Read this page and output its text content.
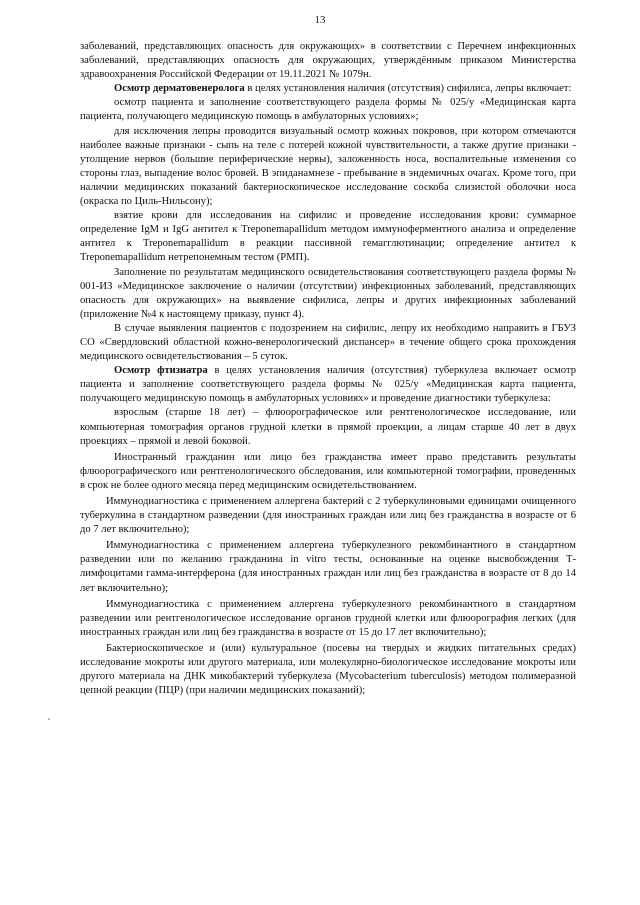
13

заболеваний, представляющих опасность для окружающих» в соответствии с Перечнем инфекционных заболеваний, представляющих опасность для окружающих, утверждённым приказом Министерства здравоохранения Российской Федерации от 19.11.2021 № 1079н.

Осмотр дерматовенеролога в целях установления наличия (отсутствия) сифилиса, лепры включает:

осмотр пациента и заполнение соответствующего раздела формы № 025/у «Медицинская карта пациента, получающего медицинскую помощь в амбулаторных условиях»;

для исключения лепры проводится визуальный осмотр кожных покровов, при котором отмечаются наиболее важные признаки - сыпь на теле с потерей кожной чувствительности, а также другие признаки - утолщение нервов (большие периферические нервы), заложенность носа, воспалительные изменения со стороны глаз, выпадение волос бровей. В эпиданамнезе - пребывание в эндемичных очагах. Кроме того, при наличии медицинских показаний бактериоскопическое исследование соскоба слизистой оболочки носа (окраска по Циль-Нильсону);

взятие крови для исследования на сифилис и проведение исследования крови: суммарное определение IgM и IgG антител к Treponemapallidum методом иммуноферментного анализа и определение антител к Treponemapallidum в реакции пассивной гемагглютинации; определение антител к Treponemapallidum нетрепонемным тестом (РМП).

Заполнение по результатам медицинского освидетельствования соответствующего раздела формы № 001-ИЗ «Медицинское заключение о наличии (отсутствии) инфекционных заболеваний, представляющих опасность для окружающих» на выявление сифилиса, лепры и других инфекционных заболеваний (приложение №4 к настоящему приказу, пункт 4).

В случае выявления пациентов с подозрением на сифилис, лепру их необходимо направить в ГБУЗ СО «Свердловский областной кожно-венерологический диспансер» в течение общего срока прохождения медицинского освидетельствования – 5 суток.

Осмотр фтизиатра в целях установления наличия (отсутствия) туберкулеза включает осмотр пациента и заполнение соответствующего раздела формы № 025/у «Медицинская карта пациента, получающего медицинскую помощь в амбулаторных условиях» и проведение диагностики туберкулеза:

взрослым (старше 18 лет) – флюорографическое или рентгенологическое исследование, или компьютерная томография органов грудной клетки в прямой проекции, а лицам старше 40 лет в двух проекциях – прямой и левой боковой.

Иностранный гражданин или лицо без гражданства имеет право представить результаты флюорографического или рентгенологического обследования, или компьютерной томографии, проведенных в срок не более одного месяца перед медицинским освидетельствованием.

Иммунодиагностика с применением аллергена бактерий с 2 туберкулиновыми единицами очищенного туберкулина в стандартном разведении (для иностранных граждан или лиц без гражданства в возрасте от 6 до 7 лет включительно);

Иммунодиагностика с применением аллергена туберкулезного рекомбинантного в стандартном разведении или по желанию гражданина in vitro тесты, основанные на оценке высвобождения Т-лимфоцитами гамма-интерферона (для иностранных граждан или лиц без гражданства в возрасте от 8 до 14 лет включительно);

Иммунодиагностика с применением аллергена туберкулезного рекомбинантного в стандартном разведении или рентгенологическое исследование органов грудной клетки или флюорография легких (для иностранных граждан или лиц без гражданства в возрасте от 15 до 17 лет включительно);

Бактериоскопическое и (или) культуральное (посевы на твердых и жидких питательных средах) исследование мокроты или другого материала, или молекулярно-биологическое исследование мокроты или другого материала на ДНК микобактерий туберкулеза (Mycobacterium tuberculosis) методом полимеразной цепной реакции (ПЦР) (при наличии медицинских показаний);
